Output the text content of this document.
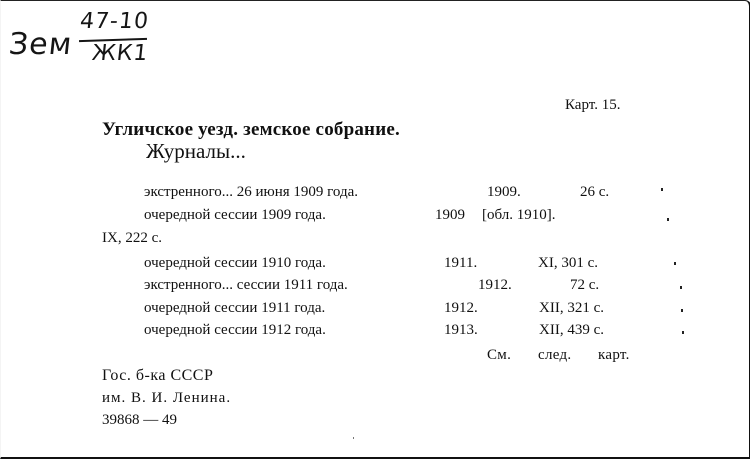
Зем
47-10
ЖК1
Карт. 15.
Угличское уезд. земское собрание.
Журналы...
экстренного... 26 июня 1909 года.	1909.	26 с.
очередной сессии 1909 года.	1909 [обл. 1910].
IX, 222 с.
очередной сессии 1910 года.	1911.	XI, 301 с.
экстренного... сессии 1911 года.	1912.	72 с.
очередной сессии 1911 года.	1912.	XII, 321 с.
очередной сессии 1912 года.	1913.	XII, 439 с.
См. след. карт.
Гос. б-ка СССР
им. В. И. Ленина.
39868 — 49
